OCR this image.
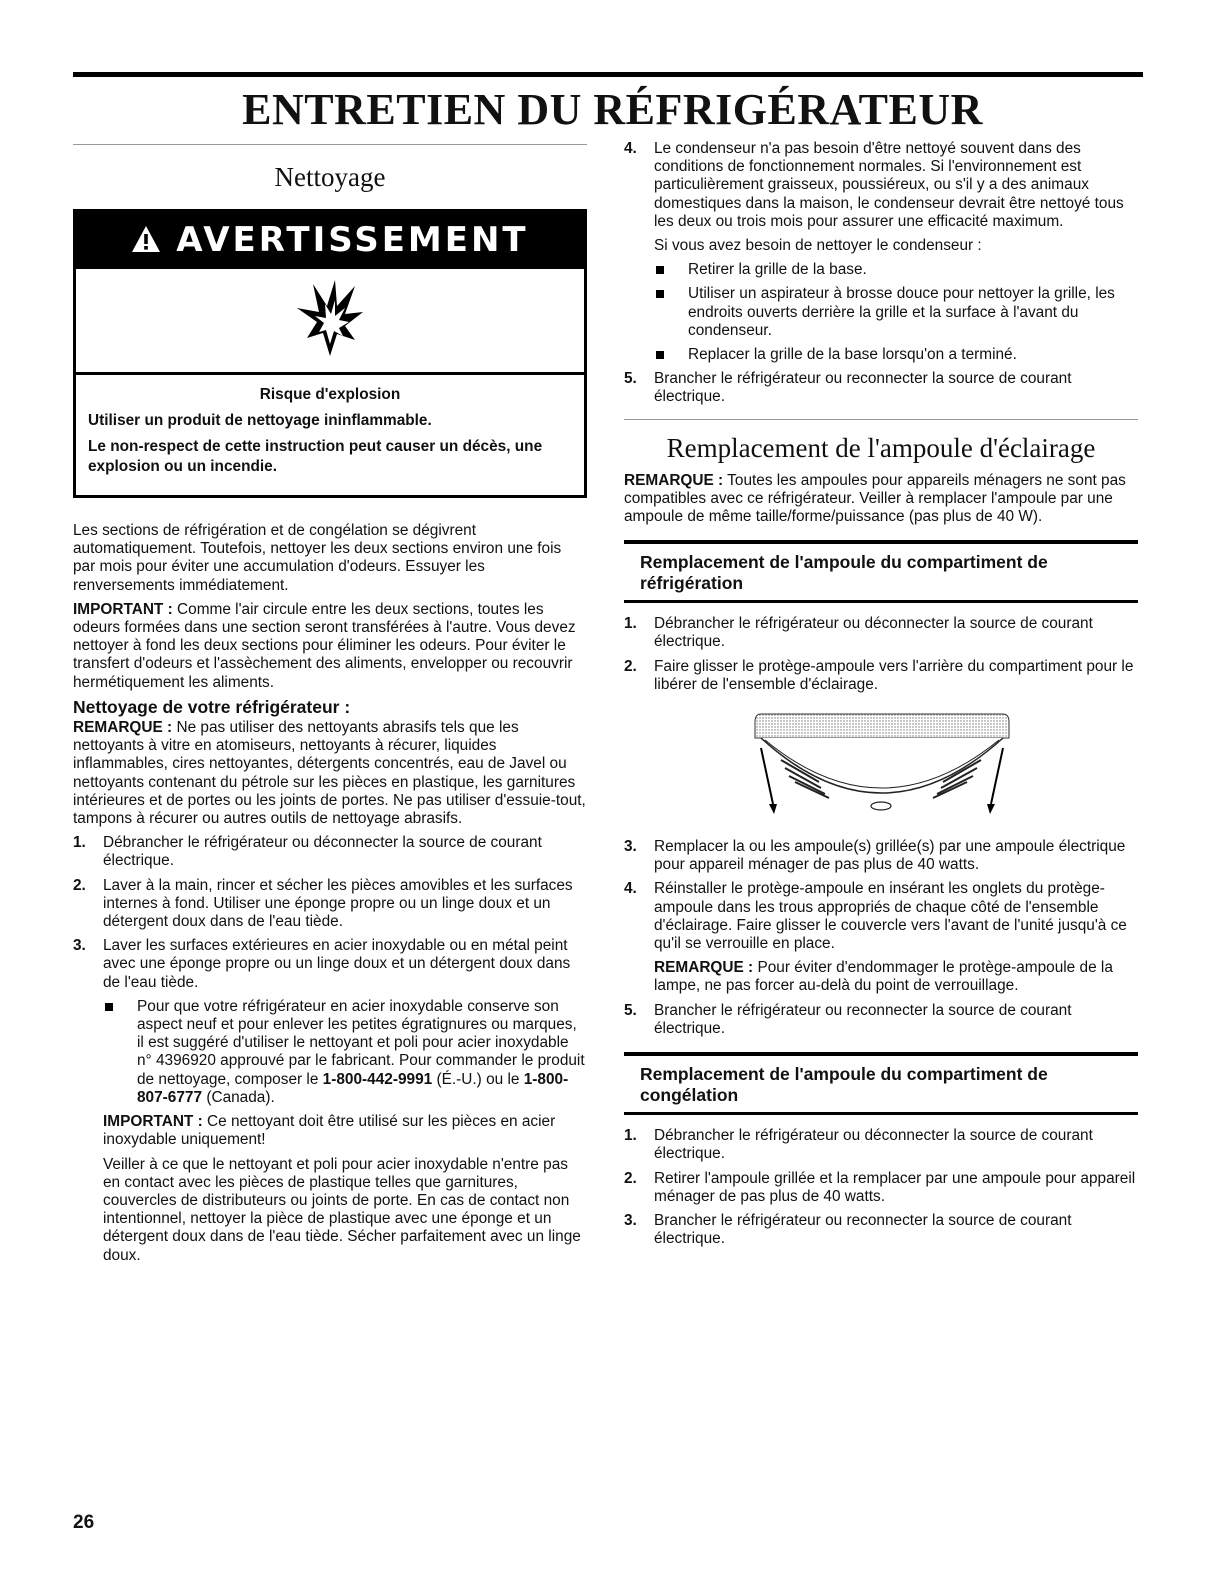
ENTRETIEN DU RÉFRIGÉRATEUR
Nettoyage
AVERTISSEMENT

Risque d'explosion

Utiliser un produit de nettoyage ininflammable.

Le non-respect de cette instruction peut causer un décès, une explosion ou un incendie.

Les sections de réfrigération et de congélation se dégivrent automatiquement. Toutefois, nettoyer les deux sections environ une fois par mois pour éviter une accumulation d'odeurs. Essuyer les renversements immédiatement.

IMPORTANT : Comme l'air circule entre les deux sections, toutes les odeurs formées dans une section seront transférées à l'autre. Vous devez nettoyer à fond les deux sections pour éliminer les odeurs. Pour éviter le transfert d'odeurs et l'assèchement des aliments, envelopper ou recouvrir hermétiquement les aliments.

Nettoyage de votre réfrigérateur :

REMARQUE : Ne pas utiliser des nettoyants abrasifs tels que les nettoyants à vitre en atomiseurs, nettoyants à récurer, liquides inflammables, cires nettoyantes, détergents concentrés, eau de Javel ou nettoyants contenant du pétrole sur les pièces en plastique, les garnitures intérieures et de portes ou les joints de portes. Ne pas utiliser d'essuie-tout, tampons à récurer ou autres outils de nettoyage abrasifs.

1.	Débrancher le réfrigérateur ou déconnecter la source de courant électrique.
2.	Laver à la main, rincer et sécher les pièces amovibles et les surfaces internes à fond. Utiliser une éponge propre ou un linge doux et un détergent doux dans de l'eau tiède.
3.	Laver les surfaces extérieures en acier inoxydable ou en métal peint avec une éponge propre ou un linge doux et un détergent doux dans de l'eau tiède.
Pour que votre réfrigérateur en acier inoxydable conserve son aspect neuf et pour enlever les petites égratignures ou marques, il est suggéré d'utiliser le nettoyant et poli pour acier inoxydable n° 4396920 approuvé par le fabricant. Pour commander le produit de nettoyage, composer le 1-800-442-9991 (É.-U.) ou le 1-800-807-6777 (Canada).

IMPORTANT : Ce nettoyant doit être utilisé sur les pièces en acier inoxydable uniquement!

Veiller à ce que le nettoyant et poli pour acier inoxydable n'entre pas en contact avec les pièces de plastique telles que garnitures, couvercles de distributeurs ou joints de porte. En cas de contact non intentionnel, nettoyer la pièce de plastique avec une éponge et un détergent doux dans de l'eau tiède. Sécher parfaitement avec un linge doux.

4.	Le condenseur n'a pas besoin d'être nettoyé souvent dans des conditions de fonctionnement normales. Si l'environnement est particulièrement graisseux, poussiéreux, ou s'il y a des animaux domestiques dans la maison, le condenseur devrait être nettoyé tous les deux ou trois mois pour assurer une efficacité maximum.

Si vous avez besoin de nettoyer le condenseur :

Retirer la grille de la base.
Utiliser un aspirateur à brosse douce pour nettoyer la grille, les endroits ouverts derrière la grille et la surface à l'avant du condenseur.
Replacer la grille de la base lorsqu'on a terminé.
5.	Brancher le réfrigérateur ou reconnecter la source de courant électrique.
Remplacement de l'ampoule d'éclairage

REMARQUE : Toutes les ampoules pour appareils ménagers ne sont pas compatibles avec ce réfrigérateur. Veiller à remplacer l'ampoule par une ampoule de même taille/forme/puissance (pas plus de 40 W).

Remplacement de l'ampoule du compartiment de réfrigération
1.	Débrancher le réfrigérateur ou déconnecter la source de courant électrique.
2.	Faire glisser le protège-ampoule vers l'arrière du compartiment pour le libérer de l'ensemble d'éclairage.
3.	Remplacer la ou les ampoule(s) grillée(s) par une ampoule électrique pour appareil ménager de pas plus de 40 watts.
4.	Réinstaller le protège-ampoule en insérant les onglets du protège-ampoule dans les trous appropriés de chaque côté de l'ensemble d'éclairage. Faire glisser le couvercle vers l'avant de l'unité jusqu'à ce qu'il se verrouille en place.

REMARQUE : Pour éviter d'endommager le protège-ampoule de la lampe, ne pas forcer au-delà du point de verrouillage.

5.	Brancher le réfrigérateur ou reconnecter la source de courant électrique.
Remplacement de l'ampoule du compartiment de congélation
1.	Débrancher le réfrigérateur ou déconnecter la source de courant électrique.
2.	Retirer l'ampoule grillée et la remplacer par une ampoule pour appareil ménager de pas plus de 40 watts.
3.	Brancher le réfrigérateur ou reconnecter la source de courant électrique.
26
